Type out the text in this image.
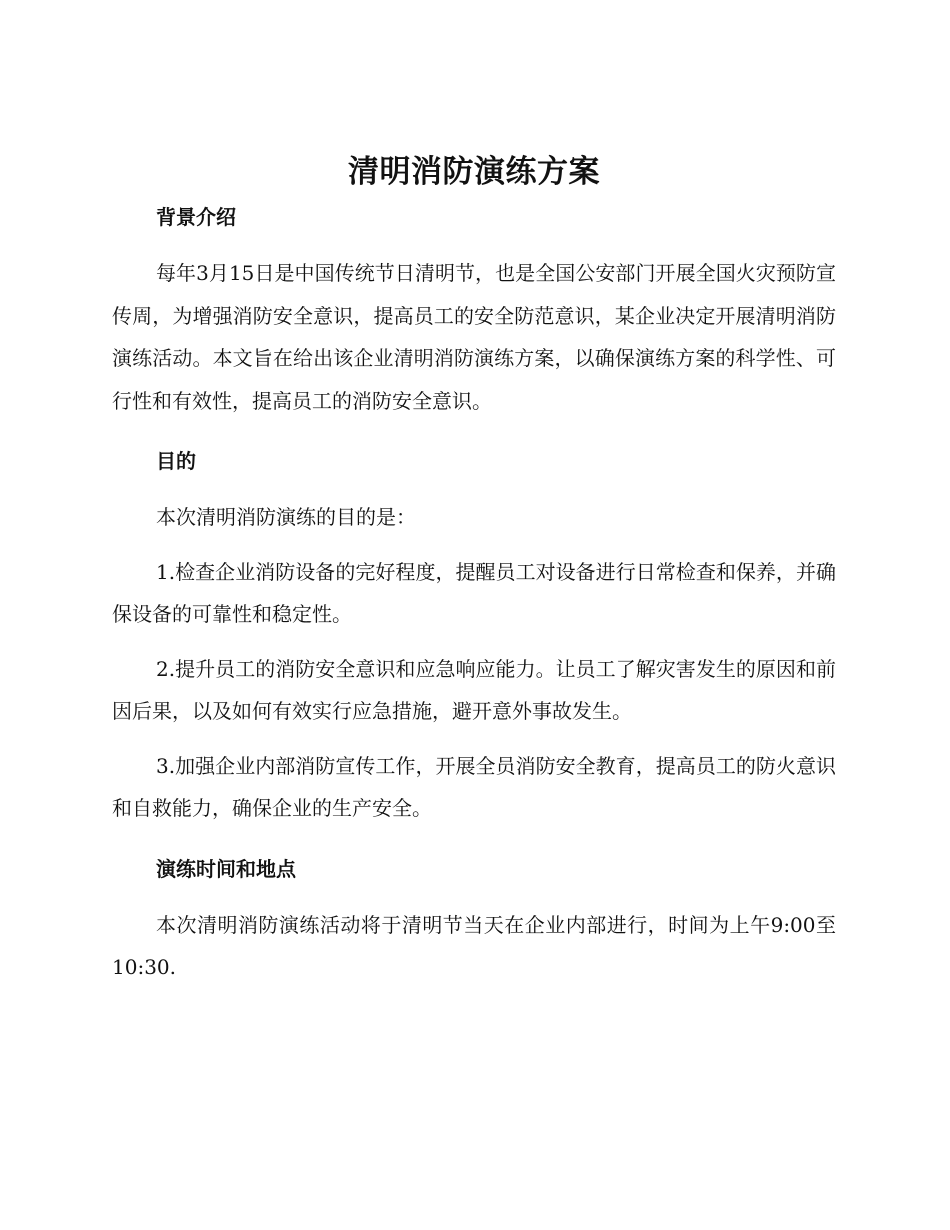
清明消防演练方案
背景介绍

每年3月15日是中国传统节日清明节，也是全国公安部门开展全国火灾预防宣传周，为增强消防安全意识，提高员工的安全防范意识，某企业决定开展清明消防演练活动。本文旨在给出该企业清明消防演练方案，以确保演练方案的科学性、可行性和有效性，提高员工的消防安全意识。

目的

本次清明消防演练的目的是：

1.检查企业消防设备的完好程度，提醒员工对设备进行日常检查和保养，并确保设备的可靠性和稳定性。

2.提升员工的消防安全意识和应急响应能力。让员工了解灾害发生的原因和前因后果，以及如何有效实行应急措施，避开意外事故发生。

3.加强企业内部消防宣传工作，开展全员消防安全教育，提高员工的防火意识和自救能力，确保企业的生产安全。

演练时间和地点

本次清明消防演练活动将于清明节当天在企业内部进行，时间为上午9:00至10:30.
